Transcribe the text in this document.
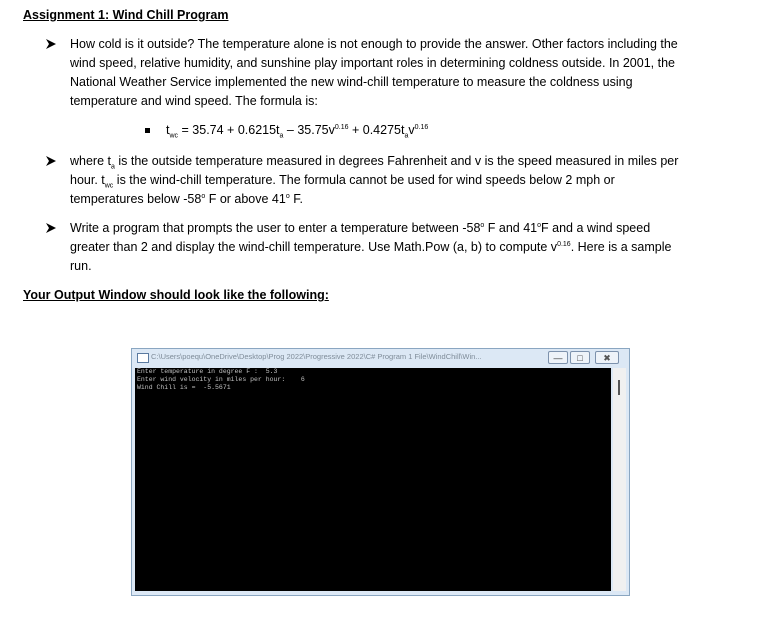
Assignment 1: Wind Chill Program
How cold is it outside? The temperature alone is not enough to provide the answer. Other factors including the
wind speed, relative humidity, and sunshine play important roles in determining coldness outside. In 2001, the
National Weather Service implemented the new wind-chill temperature to measure the coldness using
temperature and wind speed. The formula is:
$t_{wc} = 35.74 + 0.6215t_a - 35.75v^{0.16} + 0.4275t_av^{0.16}$
where $t_a$ is the outside temperature measured in degrees Fahrenheit and v is the speed measured in miles per
hour. $t_{wc}$ is the wind-chill temperature. The formula cannot be used for wind speeds below 2 mph or
temperatures below -58$^o$ F or above 41$^o$ F.
Write a program that prompts the user to enter a temperature between -58$^o$ F and 41$^o$F and a wind speed
greater than 2 and display the wind-chill temperature. Use Math.Pow (a, b) to compute $v^{0.16}$. Here is a sample
run.
Your Output Window should look like the following:
C:\Users\poequ\OneDrive\Desktop\Prog 2022\Progressive 2022\C# Program 1 File\WindChill\Win...	—	□	✖
Enter temperature in degree F :  5.3
Enter wind velocity in miles per hour:    6
Wind Chill is =  -5.5671
